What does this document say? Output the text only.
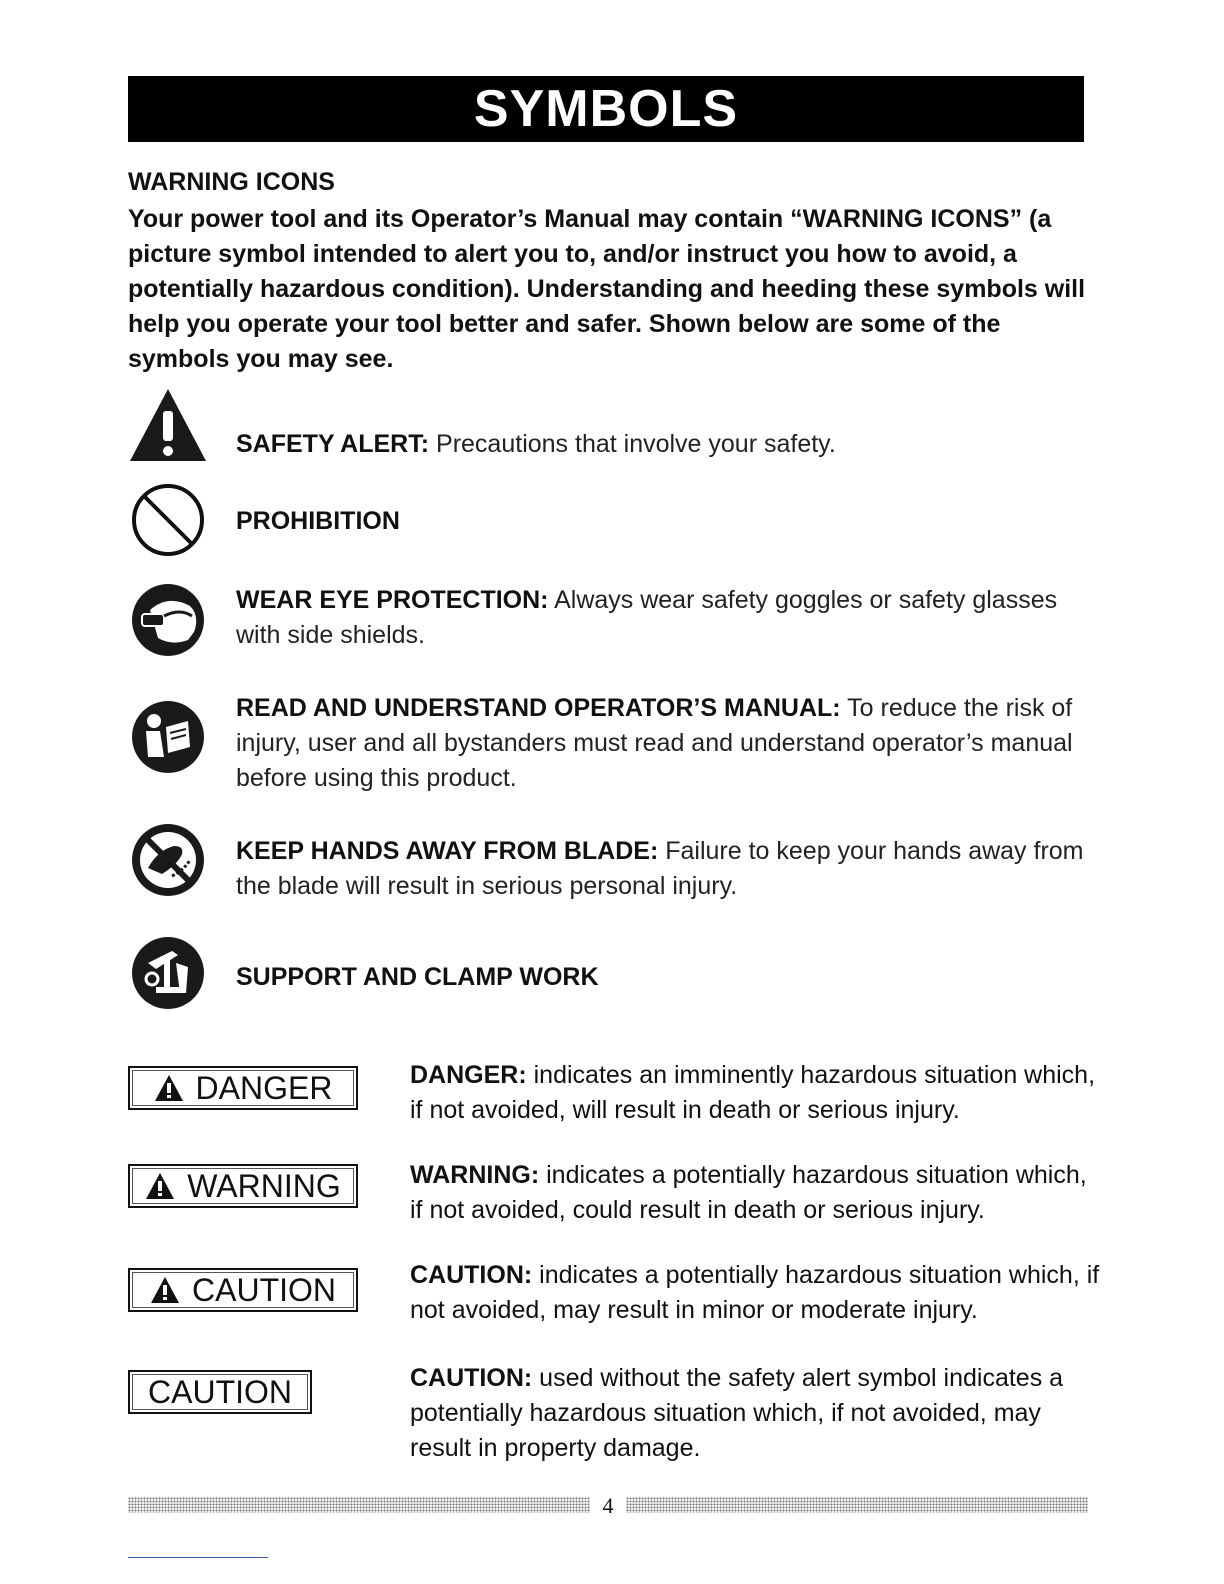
SYMBOLS
WARNING ICONS

Your power tool and its Operator’s Manual may contain “WARNING ICONS” (a picture symbol intended to alert you to, and/or instruct you how to avoid, a potentially hazardous condition). Understanding and heeding these symbols will help you operate your tool better and safer. Shown below are some of the symbols you may see.

SAFETY ALERT: Precautions that involve your safety.

PROHIBITION

WEAR EYE PROTECTION: Always wear safety goggles or safety glasses with side shields.

READ AND UNDERSTAND OPERATOR’S MANUAL: To reduce the risk of injury, user and all bystanders must read and understand operator’s manual before using this product.

KEEP HANDS AWAY FROM BLADE: Failure to keep your hands away from the blade will result in serious personal injury.

SUPPORT AND CLAMP WORK

DANGER	DANGER: indicates an imminently hazardous situation which, if not avoided, will result in death or serious injury.

WARNING	WARNING: indicates a potentially hazardous situation which, if not avoided, could result in death or serious injury.

CAUTION	CAUTION: indicates a potentially hazardous situation which, if not avoided, may result in minor or moderate injury.

CAUTION	CAUTION: used without the safety alert symbol indicates a potentially hazardous situation which, if not avoided, may result in property damage.

4
